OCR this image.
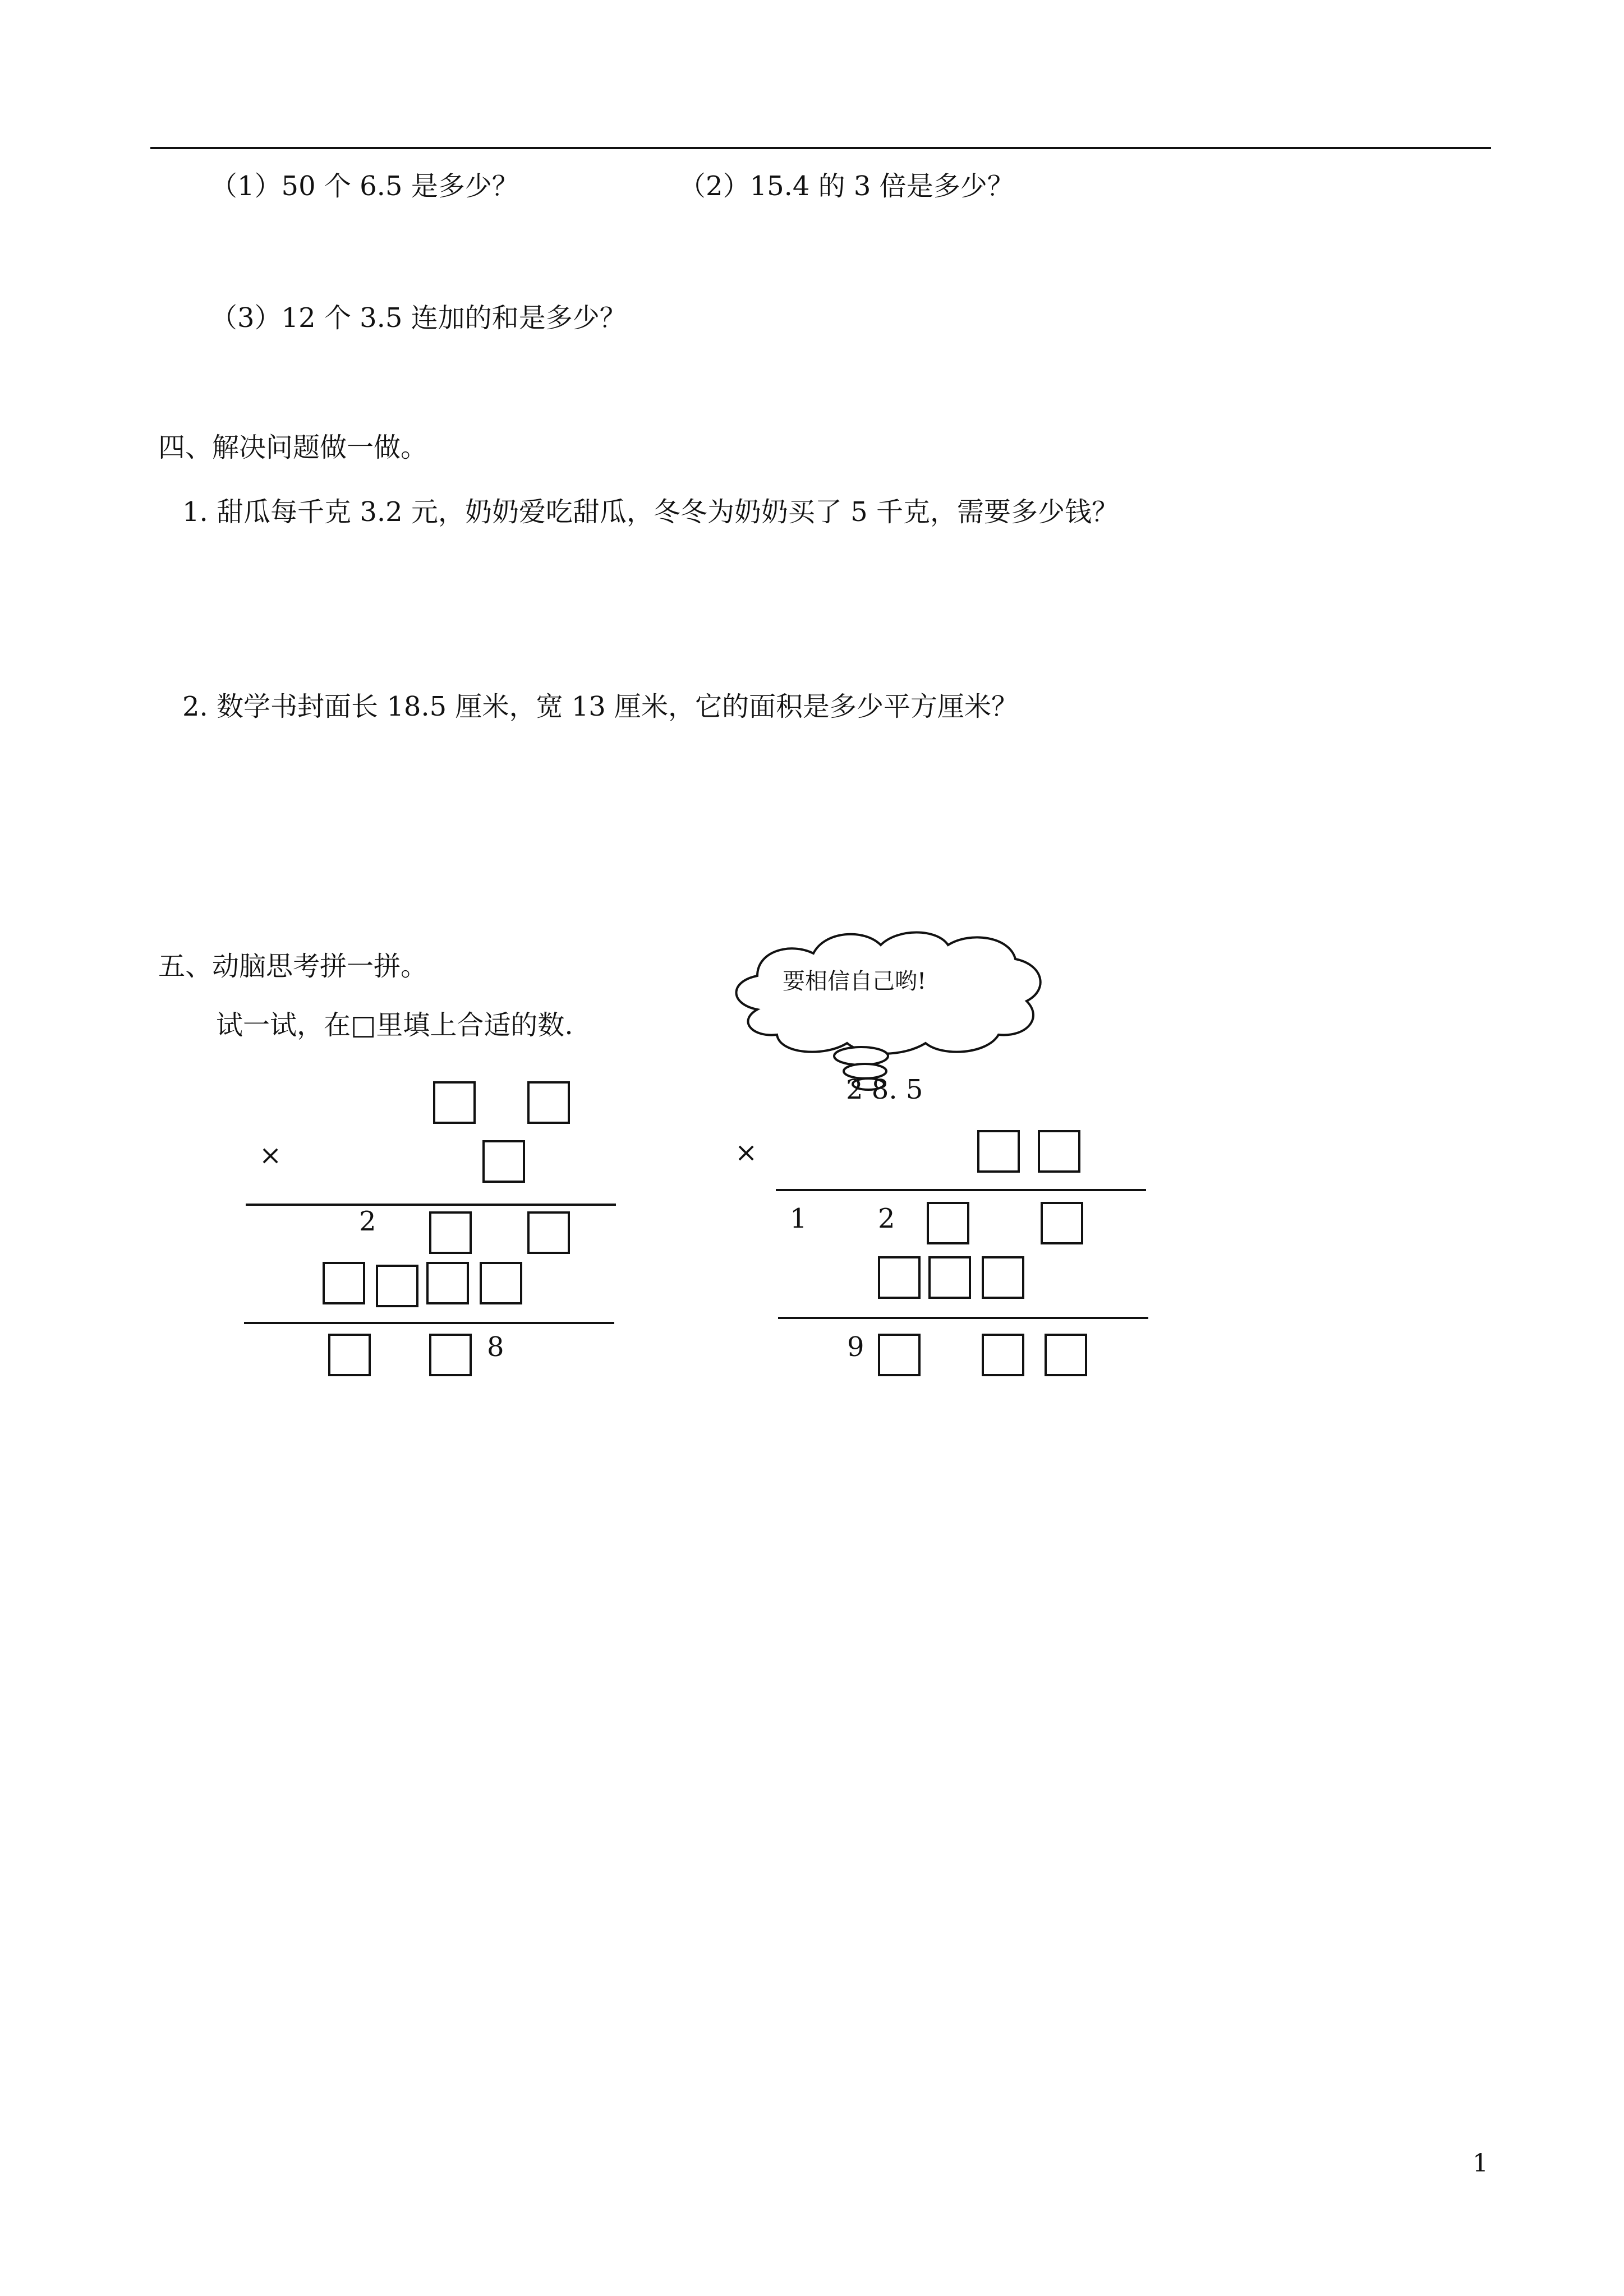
（1）50 个 6.5 是多少？	（2）15.4 的 3 倍是多少？
（3）12 个 3.5 连加的和是多少？
四、解决问题做一做。
1. 甜瓜每千克 3.2 元，奶奶爱吃甜瓜，冬冬为奶奶买了 5 千克，需要多少钱？
2. 数学书封面长 18.5 厘米，宽 13 厘米，它的面积是多少平方厘米？
五、动脑思考拼一拼。
试一试，在□里填上合适的数.
要相信自己哟!
×
2
8
2 8. 5
×
1	2
9
1
